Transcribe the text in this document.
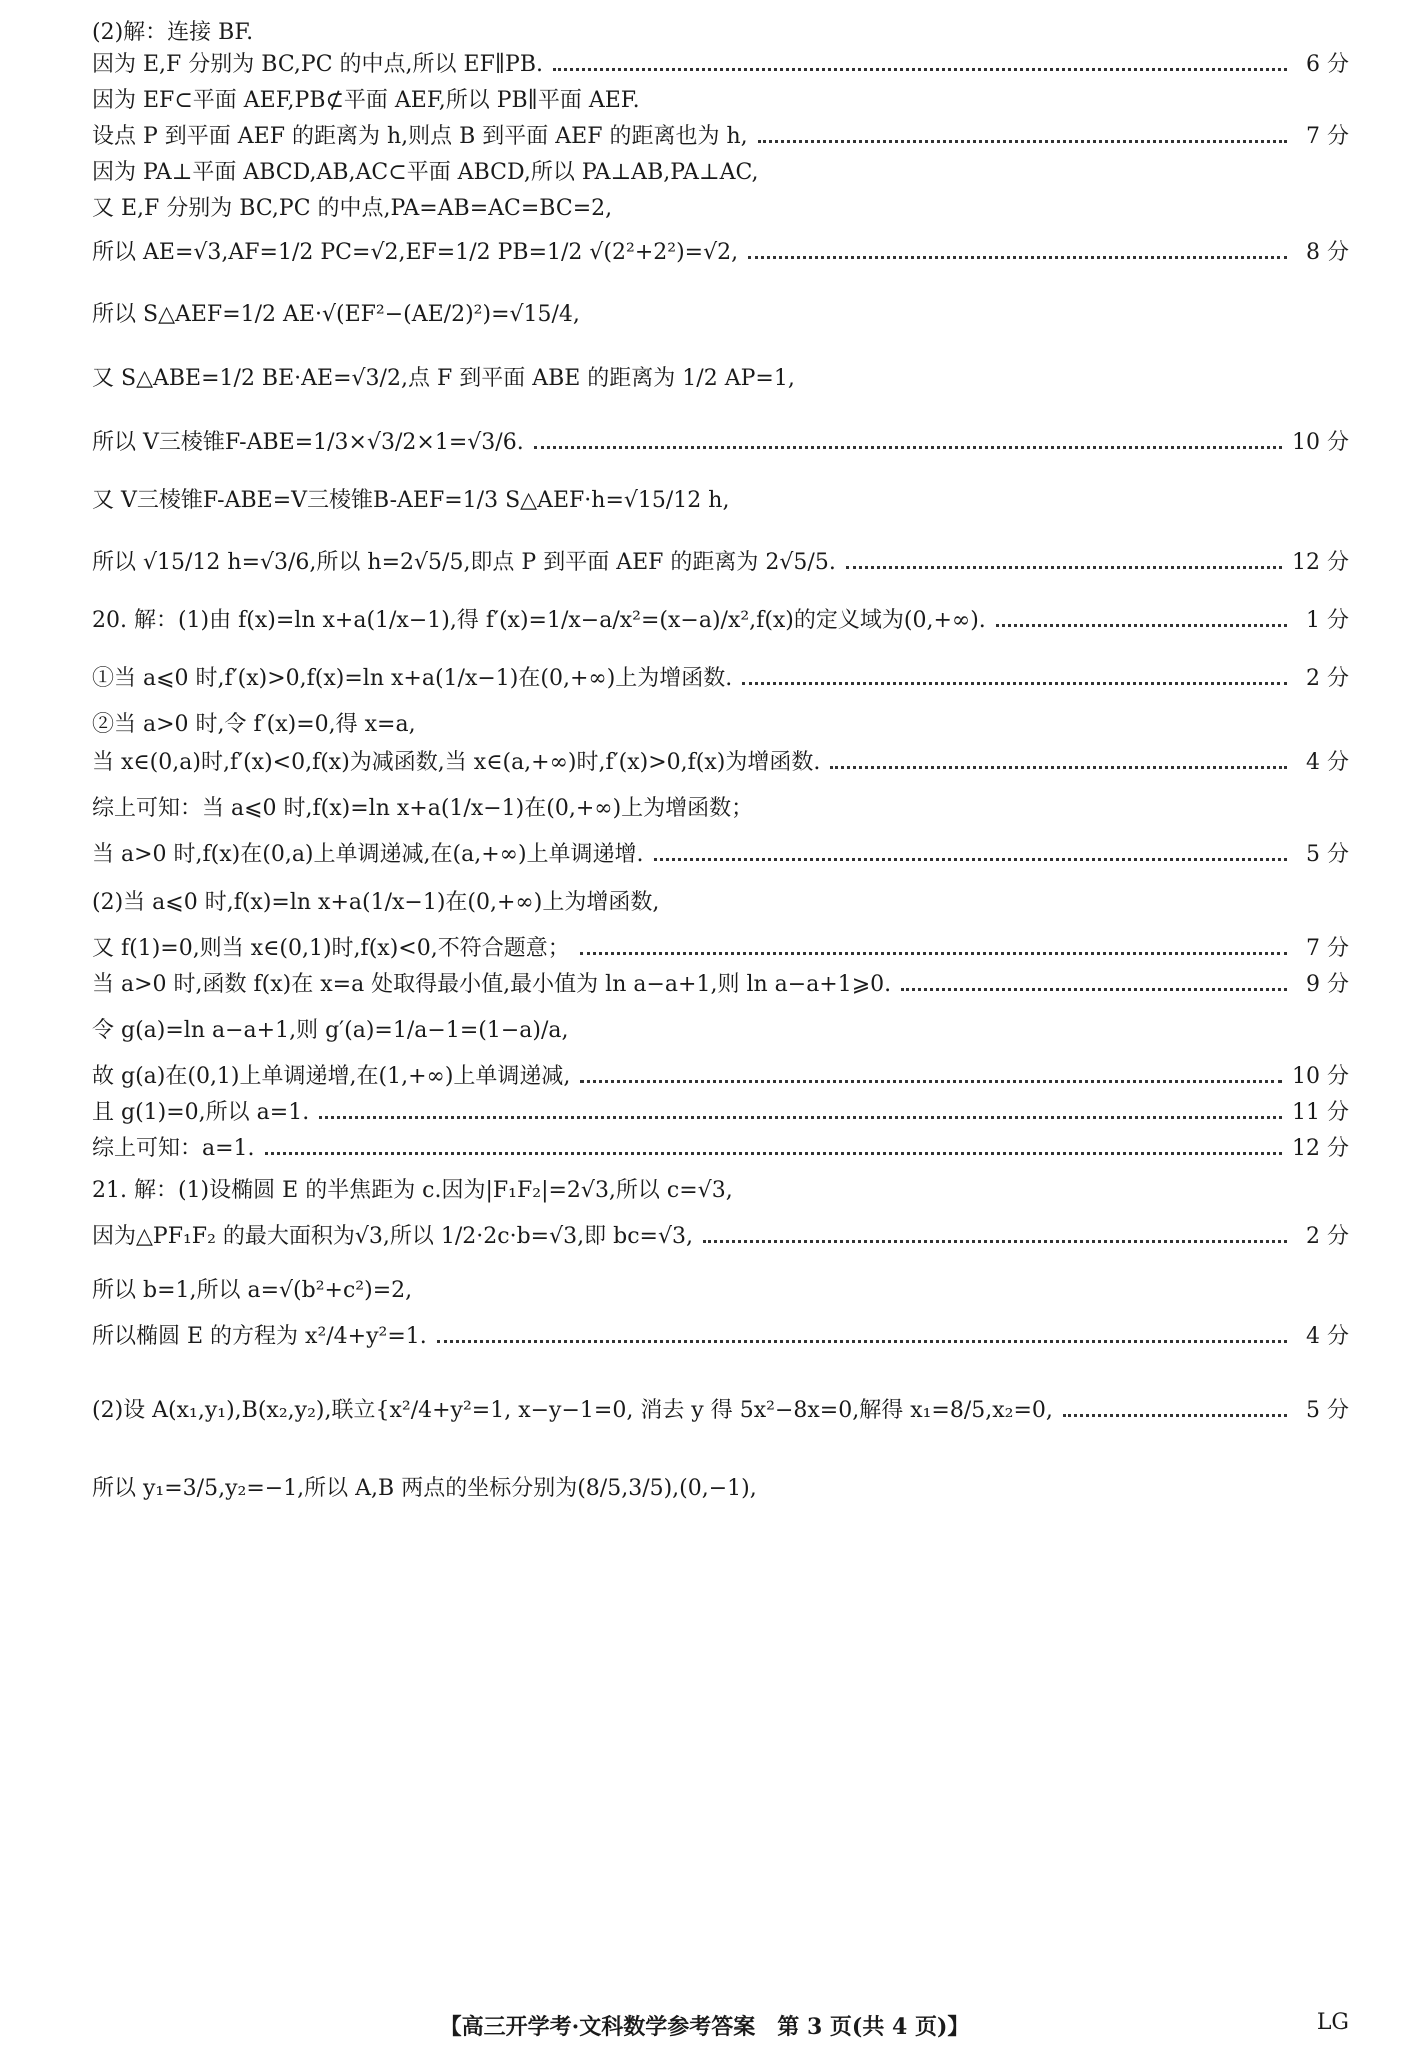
(2)解：连接 BF.
因为 E,F 分别为 BC,PC 的中点,所以 EF∥PB.	6 分
因为 EF⊂平面 AEF,PB⊄平面 AEF,所以 PB∥平面 AEF.
设点 P 到平面 AEF 的距离为 h,则点 B 到平面 AEF 的距离也为 h,	7 分
因为 PA⊥平面 ABCD,AB,AC⊂平面 ABCD,所以 PA⊥AB,PA⊥AC,
又 E,F 分别为 BC,PC 的中点,PA=AB=AC=BC=2,
所以 AE=√3,AF=1/2 PC=√2,EF=1/2 PB=1/2 √(2²+2²)=√2,	8 分
所以 S△AEF=1/2 AE·√(EF²−(AE/2)²)=√15/4,
又 S△ABE=1/2 BE·AE=√3/2,点 F 到平面 ABE 的距离为 1/2 AP=1,
所以 V三棱锥F-ABE=1/3×√3/2×1=√3/6.	10 分
又 V三棱锥F-ABE=V三棱锥B-AEF=1/3 S△AEF·h=√15/12 h,
所以 √15/12 h=√3/6,所以 h=2√5/5,即点 P 到平面 AEF 的距离为 2√5/5.	12 分
20. 解：(1)由 f(x)=ln x+a(1/x−1),得 f′(x)=1/x−a/x²=(x−a)/x²,f(x)的定义域为(0,+∞).	1 分
①当 a⩽0 时,f′(x)>0,f(x)=ln x+a(1/x−1)在(0,+∞)上为增函数.	2 分
②当 a>0 时,令 f′(x)=0,得 x=a,
当 x∈(0,a)时,f′(x)<0,f(x)为减函数,当 x∈(a,+∞)时,f′(x)>0,f(x)为增函数.	4 分
综上可知：当 a⩽0 时,f(x)=ln x+a(1/x−1)在(0,+∞)上为增函数；
当 a>0 时,f(x)在(0,a)上单调递减,在(a,+∞)上单调递增.	5 分
(2)当 a⩽0 时,f(x)=ln x+a(1/x−1)在(0,+∞)上为增函数,
又 f(1)=0,则当 x∈(0,1)时,f(x)<0,不符合题意；	7 分
当 a>0 时,函数 f(x)在 x=a 处取得最小值,最小值为 ln a−a+1,则 ln a−a+1⩾0.	9 分
令 g(a)=ln a−a+1,则 g′(a)=1/a−1=(1−a)/a,
故 g(a)在(0,1)上单调递增,在(1,+∞)上单调递减,	10 分
且 g(1)=0,所以 a=1.	11 分
综上可知：a=1.	12 分
21. 解：(1)设椭圆 E 的半焦距为 c.因为|F₁F₂|=2√3,所以 c=√3,
因为△PF₁F₂ 的最大面积为√3,所以 1/2·2c·b=√3,即 bc=√3,	2 分
所以 b=1,所以 a=√(b²+c²)=2,
所以椭圆 E 的方程为 x²/4+y²=1.	4 分
(2)设 A(x₁,y₁),B(x₂,y₂),联立{x²/4+y²=1, x−y−1=0, 消去 y 得 5x²−8x=0,解得 x₁=8/5,x₂=0,	5 分
所以 y₁=3/5,y₂=−1,所以 A,B 两点的坐标分别为(8/5,3/5),(0,−1),
【高三开学考·文科数学参考答案　第 3 页(共 4 页)】	LG
